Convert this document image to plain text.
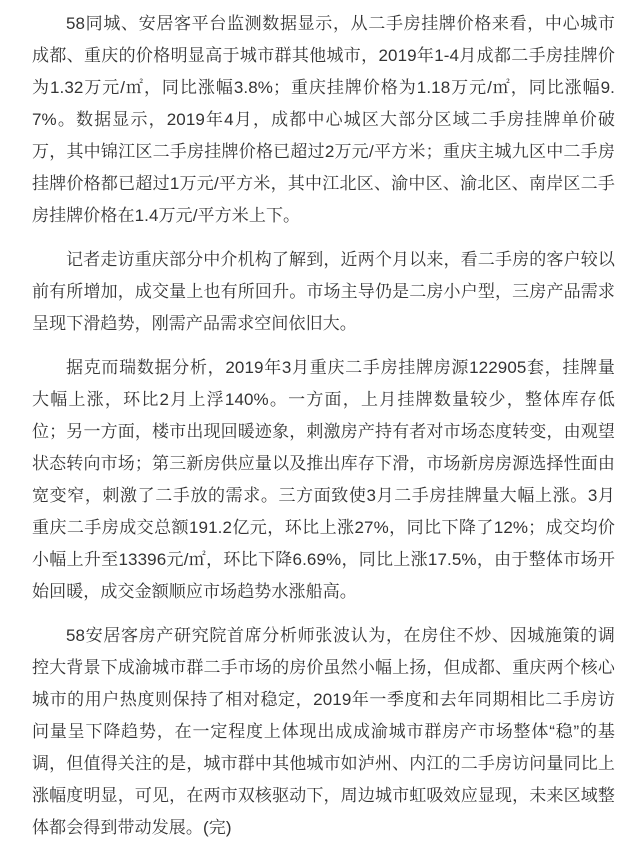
58同城、安居客平台监测数据显示，从二手房挂牌价格来看，中心城市成都、重庆的价格明显高于城市群其他城市，2019年1-4月成都二手房挂牌价为1.32万元/㎡，同比涨幅3.8%；重庆挂牌价格为1.18万元/㎡，同比涨幅9.7%。数据显示，2019年4月，成都中心城区大部分区域二手房挂牌单价破万，其中锦江区二手房挂牌价格已超过2万元/平方米；重庆主城九区中二手房挂牌价格都已超过1万元/平方米，其中江北区、渝中区、渝北区、南岸区二手房挂牌价格在1.4万元/平方米上下。

记者走访重庆部分中介机构了解到，近两个月以来，看二手房的客户较以前有所增加，成交量上也有所回升。市场主导仍是二房小户型，三房产品需求呈现下滑趋势，刚需产品需求空间依旧大。

据克而瑞数据分析，2019年3月重庆二手房挂牌房源122905套，挂牌量大幅上涨，环比2月上浮140%。一方面，上月挂牌数量较少，整体库存低位；另一方面，楼市出现回暖迹象，刺激房产持有者对市场态度转变，由观望状态转向市场；第三新房供应量以及推出库存下滑，市场新房房源选择性面由宽变窄，刺激了二手放的需求。三方面致使3月二手房挂牌量大幅上涨。3月重庆二手房成交总额191.2亿元，环比上涨27%，同比下降了12%；成交均价小幅上升至13396元/㎡，环比下降6.69%，同比上涨17.5%，由于整体市场开始回暖，成交金额顺应市场趋势水涨船高。

58安居客房产研究院首席分析师张波认为，在房住不炒、因城施策的调控大背景下成渝城市群二手市场的房价虽然小幅上扬，但成都、重庆两个核心城市的用户热度则保持了相对稳定，2019年一季度和去年同期相比二手房访问量呈下降趋势，在一定程度上体现出成成渝城市群房产市场整体“稳”的基调，但值得关注的是，城市群中其他城市如泸州、内江的二手房访问量同比上涨幅度明显，可见，在两市双核驱动下，周边城市虹吸效应显现，未来区域整体都会得到带动发展。(完)
